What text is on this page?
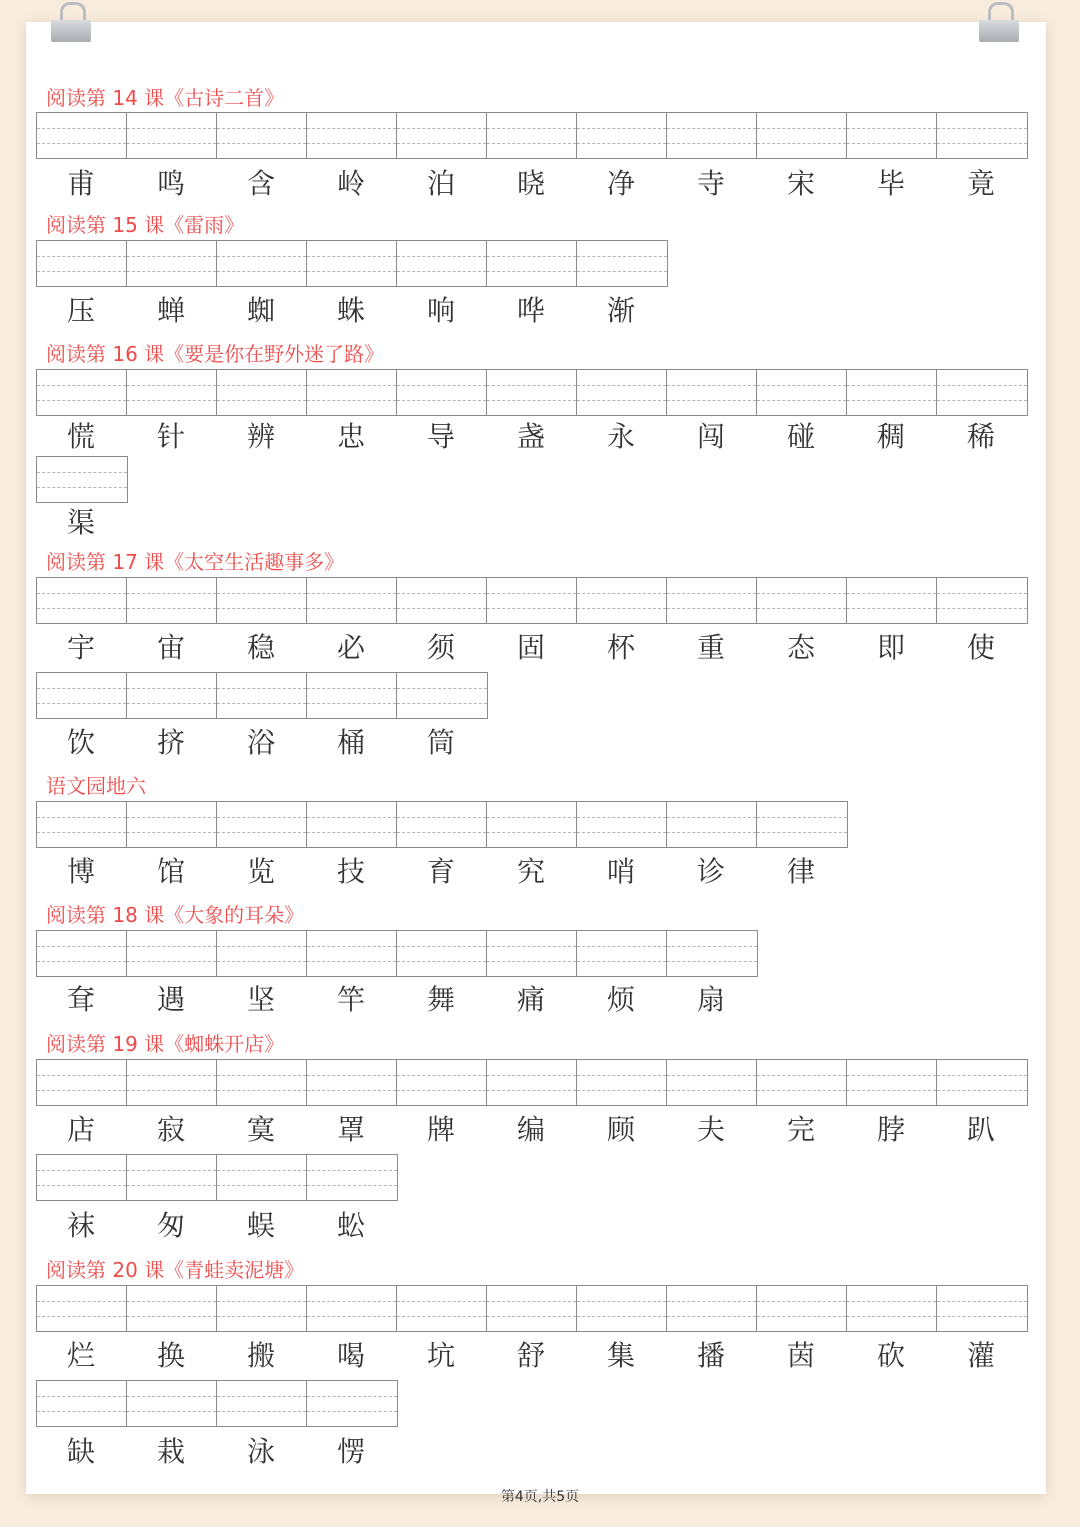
阅读第 14 课《古诗二首》
甫	鸣	含	岭	泊	晓	净	寺	宋	毕	竟
阅读第 15 课《雷雨》
压	蝉	蜘	蛛	响	哗	渐
阅读第 16 课《要是你在野外迷了路》
慌	针	辨	忠	导	盏	永	闯	碰	稠	稀
渠
阅读第 17 课《太空生活趣事多》
宇	宙	稳	必	须	固	杯	重	态	即	使
饮	挤	浴	桶	筒
语文园地六
博	馆	览	技	育	究	哨	诊	律
阅读第 18 课《大象的耳朵》
耷	遇	坚	竿	舞	痛	烦	扇
阅读第 19 课《蜘蛛开店》
店	寂	寞	罩	牌	编	顾	夫	完	脖	趴
袜	匆	蜈	蚣
阅读第 20 课《青蛙卖泥塘》
烂	换	搬	喝	坑	舒	集	播	茵	砍	灌
缺	栽	泳	愣
第4页,共5页
